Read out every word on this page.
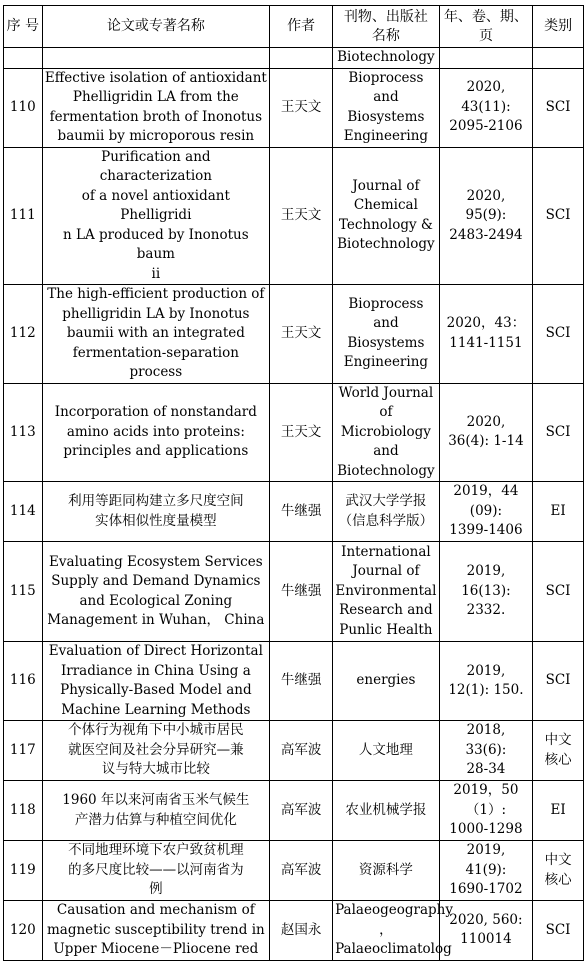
序 号	论文或专著名称	作者	刊物、出版社 名称	年、卷、期、 页	类别
			Biotechnology		
110	Effective isolation of antioxidant
Phelligridin LA from the
fermentation broth of Inonotus
baumii by microporous resin	王天文	Bioprocess and
Biosystems
Engineering	2020,
43(11):
2095-2106	SCI
111	Purification and characterization
of a novel antioxidant Phelligridi
n LA produced by Inonotus baum
ii	王天文	Journal of
Chemical
Technology &
Biotechnology	2020,
95(9):
2483-2494	SCI
112	The high-efficient production of
phelligridin LA by Inonotus
baumii with an integrated
fermentation-separation process	王天文	Bioprocess and
Biosystems
Engineering	2020，43：
1141-1151	SCI
113	Incorporation of nonstandard
amino acids into proteins:
principles and applications	王天文	World Journal of
Microbiology
and
Biotechnology	2020,
36(4): 1-14	SCI
114	利用等距同构建立多尺度空间
实体相似性度量模型	牛继强	武汉大学学报
（信息科学版）	2019，44
(09):
1399-1406	EI
115	Evaluating Ecosystem Services
Supply and Demand Dynamics
and Ecological Zoning
Management in Wuhan， China	牛继强	International
Journal of
Environmental
Research and
Punlic Health	2019,
16(13):
2332.	SCI
116	Evaluation of Direct Horizontal
Irradiance in China Using a
Physically-Based Model and
Machine Learning Methods	牛继强	energies	2019,
12(1): 150.	SCI
117	个体行为视角下中小城市居民
就医空间及社会分异研究—兼
议与特大城市比较	高军波	人文地理	2018,
33(6):
28-34	中文
核心
118	1960 年以来河南省玉米气候生
产潜力估算与种植空间优化	高军波	农业机械学报	2019，50
（1）:
1000-1298	EI
119	不同地理环境下农户致贫机理
的多尺度比较——以河南省为
例	高军波	资源科学	2019,
41(9):
1690-1702	中文
核心
120	Causation and mechanism of
magnetic susceptibility trend in
Upper Miocene－Pliocene red	赵国永	Palaeogeography
，
Palaeoclimatolog	2020, 560:
110014	SCI
